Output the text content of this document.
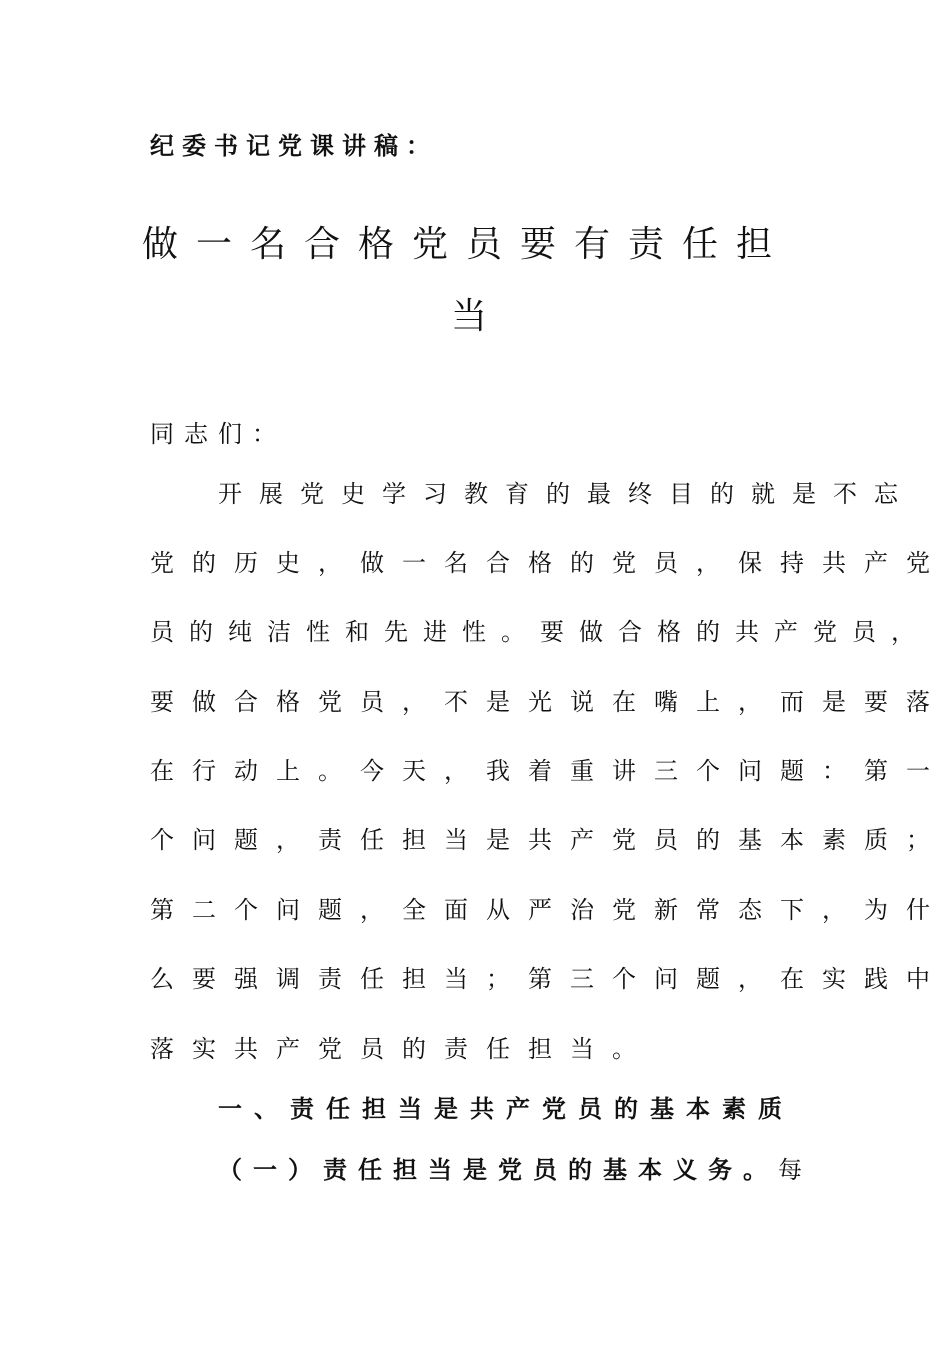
纪委书记党课讲稿：

做一名合格党员要有责任担
当

同志们：

开展党史学习教育的最终目的就是不忘

党的历史，做一名合格的党员，保持共产党

员的纯洁性和先进性。要做合格的共产党员，

要做合格党员，不是光说在嘴上，而是要落

在行动上。今天，我着重讲三个问题：第一

个问题，责任担当是共产党员的基本素质；

第二个问题，全面从严治党新常态下，为什

么要强调责任担当；第三个问题，在实践中

落实共产党员的责任担当。

一、责任担当是共产党员的基本素质

（一）责任担当是党员的基本义务。每
